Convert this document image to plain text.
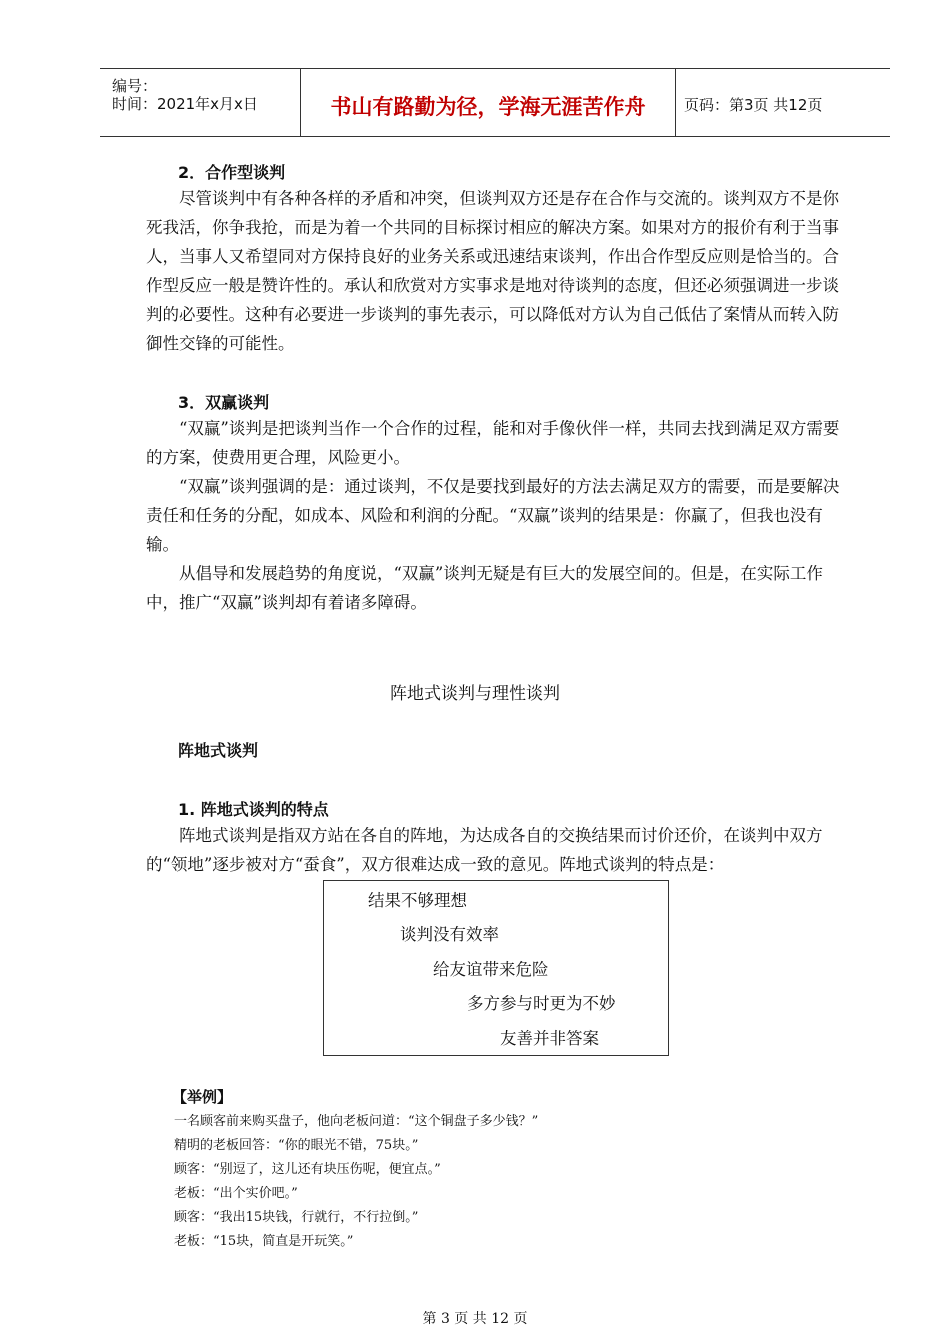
编号：
时间：2021年x月x日	书山有路勤为径，学海无涯苦作舟	页码：第3页 共12页
2．合作型谈判
尽管谈判中有各种各样的矛盾和冲突，但谈判双方还是存在合作与交流的。谈判双方不是你死我活，你争我抢，而是为着一个共同的目标探讨相应的解决方案。如果对方的报价有利于当事人，当事人又希望同对方保持良好的业务关系或迅速结束谈判，作出合作型反应则是恰当的。合作型反应一般是赞许性的。承认和欣赏对方实事求是地对待谈判的态度，但还必须强调进一步谈判的必要性。这种有必要进一步谈判的事先表示，可以降低对方认为自己低估了案情从而转入防御性交锋的可能性。
3．双赢谈判
“双赢”谈判是把谈判当作一个合作的过程，能和对手像伙伴一样，共同去找到满足双方需要的方案，使费用更合理，风险更小。
“双赢”谈判强调的是：通过谈判，不仅是要找到最好的方法去满足双方的需要，而是要解决责任和任务的分配，如成本、风险和利润的分配。“双赢”谈判的结果是：你赢了，但我也没有输。
从倡导和发展趋势的角度说，“双赢”谈判无疑是有巨大的发展空间的。但是，在实际工作中，推广“双赢”谈判却有着诸多障碍。
阵地式谈判与理性谈判
阵地式谈判
1. 阵地式谈判的特点
阵地式谈判是指双方站在各自的阵地，为达成各自的交换结果而讨价还价，在谈判中双方的“领地”逐步被对方“蚕食”，双方很难达成一致的意见。阵地式谈判的特点是：
结果不够理想
谈判没有效率
给友谊带来危险
多方参与时更为不妙
友善并非答案
【举例】
一名顾客前来购买盘子，他向老板问道：“这个铜盘子多少钱？”
精明的老板回答：“你的眼光不错，75块。”
顾客：“别逗了，这儿还有块压伤呢，便宜点。”
老板：“出个实价吧。”
顾客：“我出15块钱，行就行，不行拉倒。”
老板：“15块，简直是开玩笑。”
第 3 页 共 12 页
